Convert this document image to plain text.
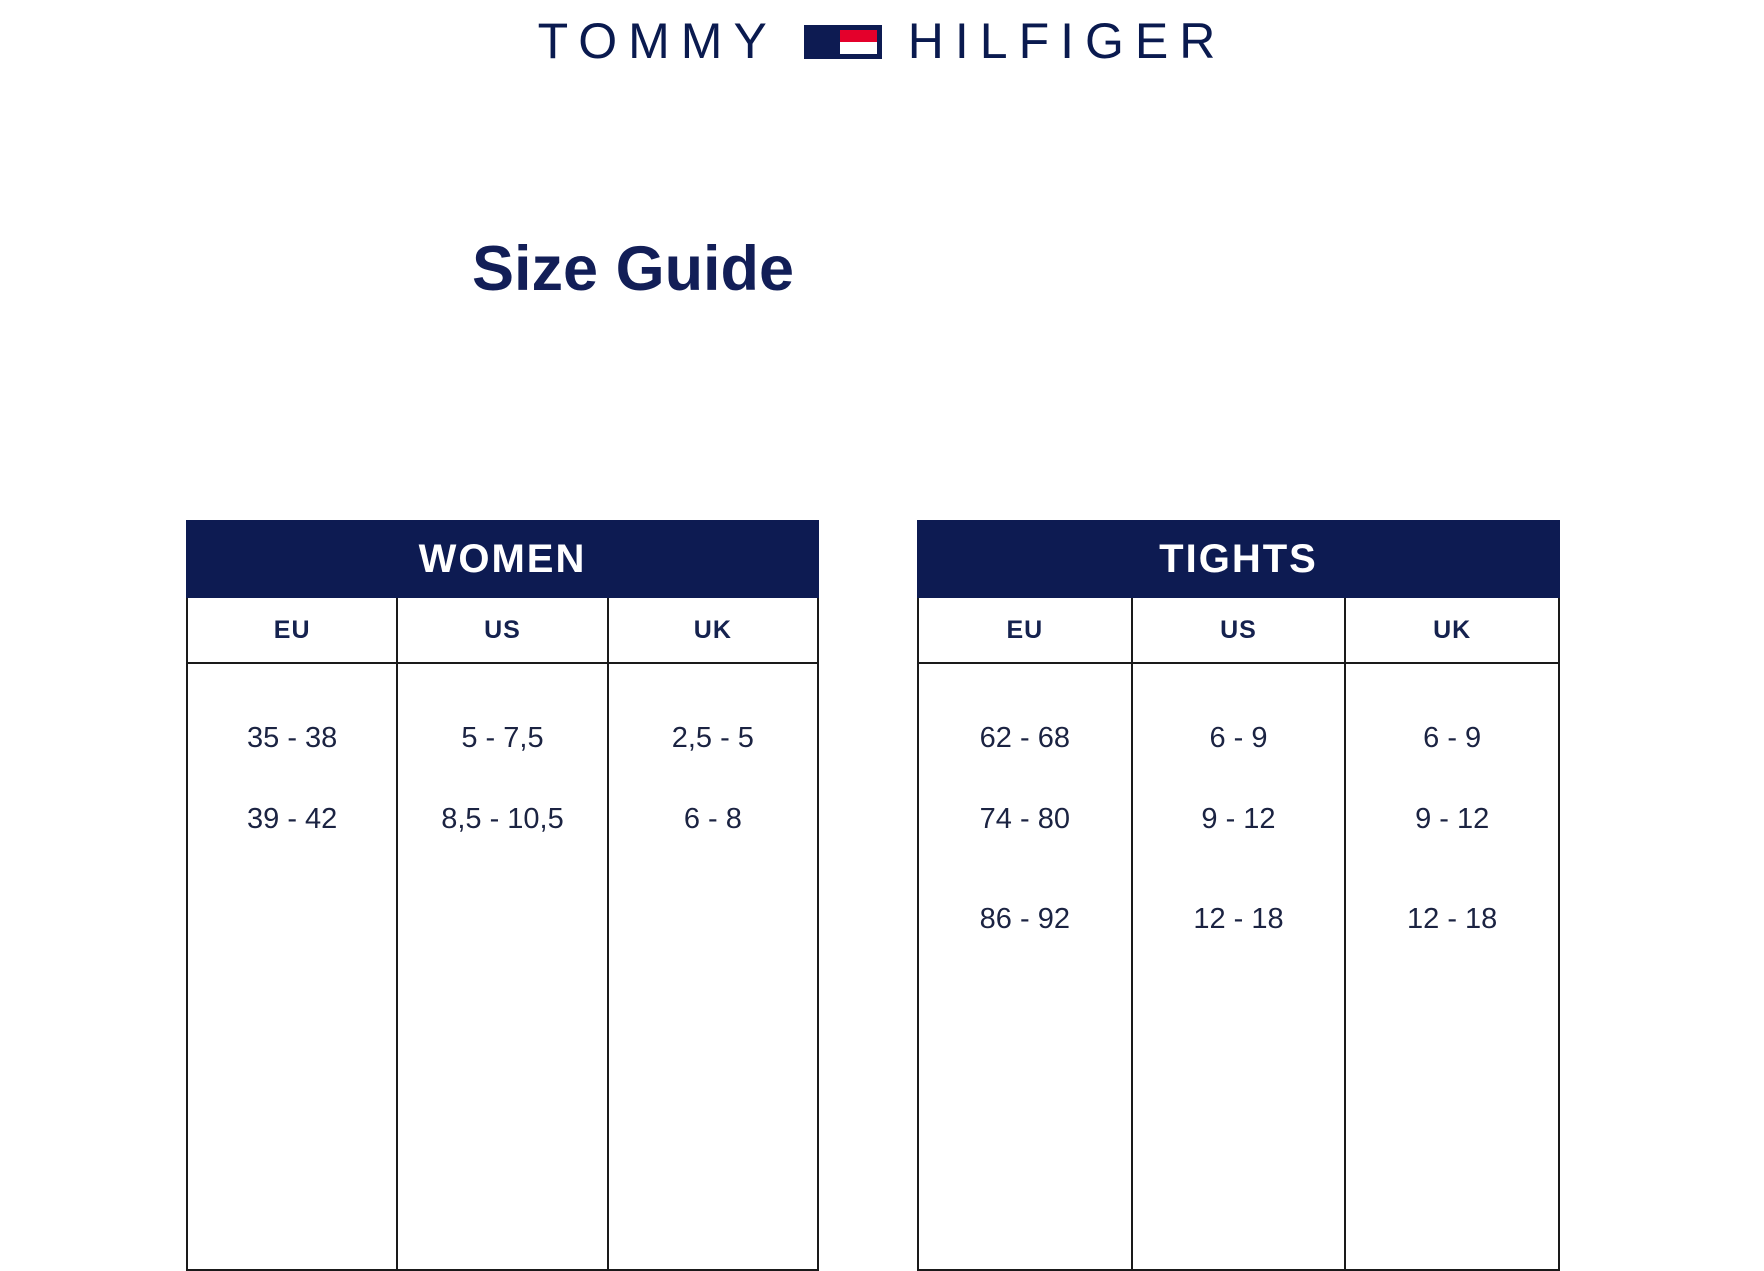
TOMMY	HILFIGER
Size Guide
WOMEN		
EU	US	UK
35 - 38	5 - 7,5	2,5 - 5
39 - 42	8,5 - 10,5	6 - 8

TIGHTS		
EU	US	UK
62 - 68	6 - 9	6 - 9
74 - 80	9 - 12	9 - 12
86 - 92	12 - 18	12 - 18
